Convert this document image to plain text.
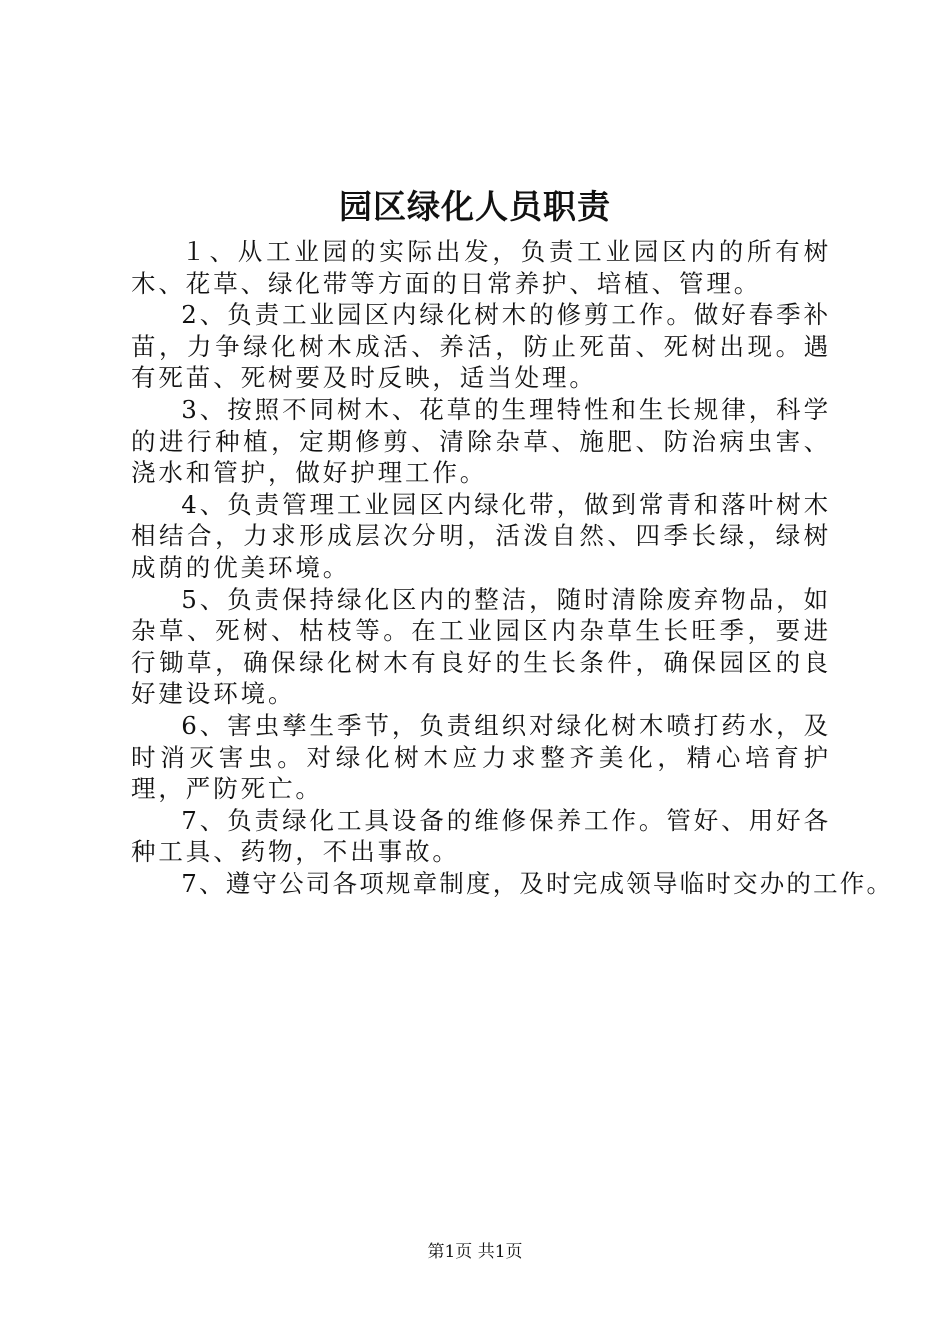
园区绿化人员职责

１、从工业园的实际出发，负责工业园区内的所有树木、花草、绿化带等方面的日常养护、培植、管理。

2、负责工业园区内绿化树木的修剪工作。做好春季补苗，力争绿化树木成活、养活，防止死苗、死树出现。遇有死苗、死树要及时反映，适当处理。

3、按照不同树木、花草的生理特性和生长规律，科学的进行种植，定期修剪、清除杂草、施肥、防治病虫害、浇水和管护，做好护理工作。

4、负责管理工业园区内绿化带，做到常青和落叶树木相结合，力求形成层次分明，活泼自然、四季长绿，绿树成荫的优美环境。

5、负责保持绿化区内的整洁，随时清除废弃物品，如杂草、死树、枯枝等。在工业园区内杂草生长旺季，要进行锄草，确保绿化树木有良好的生长条件，确保园区的良好建设环境。

6、害虫孳生季节，负责组织对绿化树木喷打药水，及时消灭害虫。对绿化树木应力求整齐美化，精心培育护理，严防死亡。

7、负责绿化工具设备的维修保养工作。管好、用好各种工具、药物，不出事故。

7、遵守公司各项规章制度，及时完成领导临时交办的工作。

第1页 共1页
